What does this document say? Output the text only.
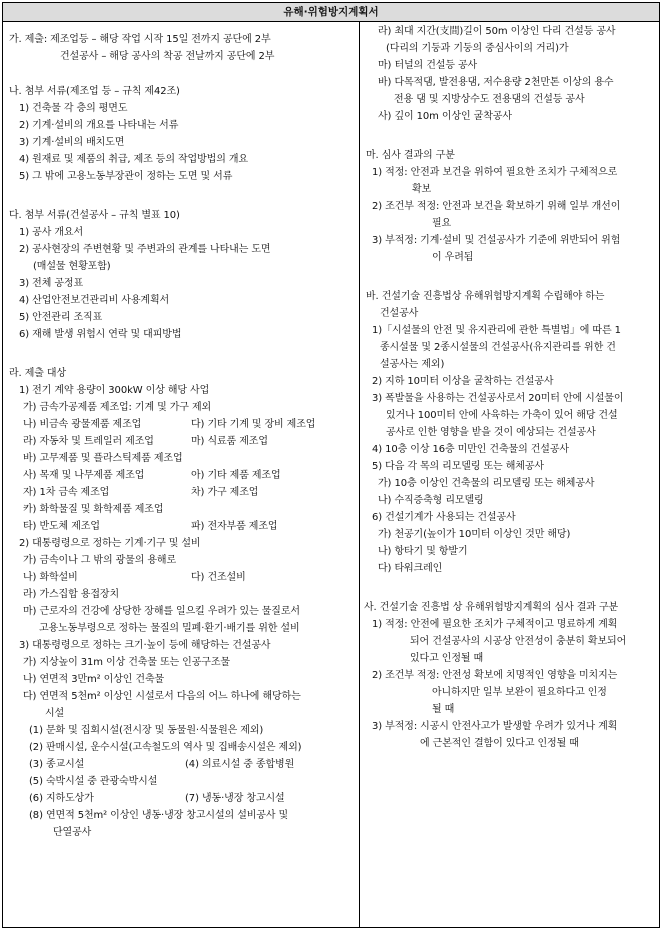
유해·위험방지계획서
가. 제출: 제조업등 – 해당 작업 시작 15일 전까지 공단에 2부
건설공사 – 해당 공사의 착공 전날까지 공단에 2부
나. 첨부 서류(제조업 등 – 규칙 제42조)
1) 건축물 각 층의 평면도
2) 기계·설비의 개요를 나타내는 서류
3) 기계·설비의 배치도면
4) 원재료 및 제품의 취급, 제조 등의 작업방법의 개요
5) 그 밖에 고용노동부장관이 정하는 도면 및 서류
다. 첨부 서류(건설공사 – 규칙 별표 10)
1) 공사 개요서
2) 공사현장의 주변현황 및 주변과의 관계를 나타내는 도면
(매설물 현황포함)
3) 전체 공정표
4) 산업안전보건관리비 사용계획서
5) 안전관리 조직표
6) 재해 발생 위험시 연락 및 대피방법
라. 제출 대상
1) 전기 계약 용량이 300kW 이상 해당 사업
가) 금속가공제품 제조업: 기계 및 가구 제외
나) 비금속 광물제품 제조업	다) 기타 기계 및 장비 제조업
라) 자동차 및 트레일러 제조업	마) 식료품 제조업
바) 고무제품 및 플라스틱제품 제조업
사) 목재 및 나무제품 제조업	아) 기타 제품 제조업
자) 1차 금속 제조업	차) 가구 제조업
카) 화학물질 및 화학제품 제조업
타) 반도체 제조업	파) 전자부품 제조업
2) 대통령령으로 정하는 기계·기구 및 설비
가) 금속이나 그 밖의 광물의 용해로
나) 화학설비	다) 건조설비
라) 가스집합 용접장치
마) 근로자의 건강에 상당한 장해를 일으킬 우려가 있는 물질로서
고용노동부령으로 정하는 물질의 밀폐·환기·배기를 위한 설비
3) 대통령령으로 정하는 크기·높이 등에 해당하는 건설공사
가) 지상높이 31m 이상 건축물 또는 인공구조물
나) 연면적 3만m² 이상인 건축물
다) 연면적 5천m² 이상인 시설로서 다음의 어느 하나에 해당하는
시설
(1) 문화 및 집회시설(전시장 및 동물원·식물원은 제외)
(2) 판매시설, 운수시설(고속철도의 역사 및 집배송시설은 제외)
(3) 종교시설	(4) 의료시설 중 종합병원
(5) 숙박시설 중 관광숙박시설
(6) 지하도상가	(7) 냉동·냉장 창고시설
(8) 연면적 5천m² 이상인 냉동·냉장 창고시설의 설비공사 및
단열공사
라) 최대 지간(支間)길이 50m 이상인 다리 건설등 공사
(다리의 기둥과 기둥의 중심사이의 거리)가
마) 터널의 건설등 공사
바) 다목적댐, 발전용댐, 저수용량 2천만톤 이상의 용수
전용 댐 및 지방상수도 전용댐의 건설등 공사
사) 깊이 10m 이상인 굴착공사
마. 심사 결과의 구분
1) 적정: 안전과 보건을 위하여 필요한 조치가 구체적으로
확보
2) 조건부 적정: 안전과 보건을 확보하기 위해 일부 개선이
필요
3) 부적정: 기계·설비 및 건설공사가 기준에 위반되어 위험
이 우려됨
바. 건설기술 진흥법상 유해위험방지계획 수립해야 하는
건설공사
1)「시설물의 안전 및 유지관리에 관한 특별법」에 따른 1
종시설물 및 2종시설물의 건설공사(유지관리를 위한 건
설공사는 제외)
2) 지하 10미터 이상을 굴착하는 건설공사
3) 폭발물을 사용하는 건설공사로서 20미터 안에 시설물이
있거나 100미터 안에 사육하는 가축이 있어 해당 건설
공사로 인한 영향을 받을 것이 예상되는 건설공사
4) 10층 이상 16층 미만인 건축물의 건설공사
5) 다음 각 목의 리모델링 또는 해체공사
가) 10층 이상인 건축물의 리모델링 또는 해체공사
나) 수직증축형 리모델링
6) 건설기계가 사용되는 건설공사
가) 천공기(높이가 10미터 이상인 것만 해당)
나) 항타기 및 항발기
다) 타워크레인
사. 건설기술 진흥법 상 유해위험방지계획의 심사 결과 구분
1) 적정: 안전에 필요한 조치가 구체적이고 명료하게 계획
되어 건설공사의 시공상 안전성이 충분히 확보되어
있다고 인정될 때
2) 조건부 적정: 안전성 확보에 치명적인 영향을 미치지는
아니하지만 일부 보완이 필요하다고 인정
될 때
3) 부적정: 시공시 안전사고가 발생할 우려가 있거나 계획
에 근본적인 결함이 있다고 인정될 때
